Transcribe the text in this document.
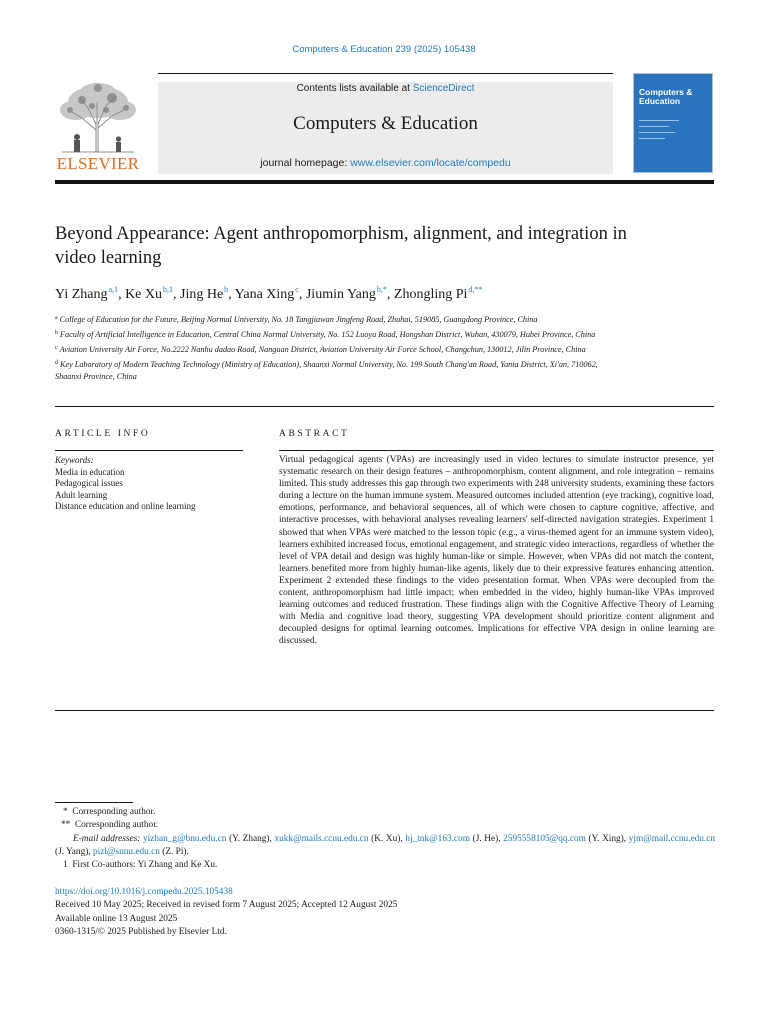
Computers & Education 239 (2025) 105438
ELSEVIER
Contents lists available at ScienceDirect
Computers & Education
journal homepage: www.elsevier.com/locate/compedu
Computers & Education
Beyond Appearance: Agent anthropomorphism, alignment, and integration in video learning
Yi Zhang$^{a,1}$, Ke Xu$^{b,1}$, Jing He$^b$, Yana Xing$^c$, Jiumin Yang$^{b,*}$, Zhongling $Pi^{d,**}$

$^a$ College of Education for the Future, Beijing Normal University, No. 18 Tangjiawan Jingfeng Road, Zhuhai, 519085, Guangdong Province, China

$^b$ Faculty of Artificial Intelligence in Education, Central China Normal University, No. 152 Luoyu Road, Hongshan District, Wuhan, 430079, Hubei Province, China

$^c$ Aviation University Air Force, No.2222 Nanhu dadao Road, Nanguan District, Aviation University Air Force School, Changchun, 130012, Jilin Province, China

$^d$ Key Laboratory of Modern Teaching Technology (Ministry of Education), Shaanxi Normal University, No. 199 South Chang'an Road, Yanta District, Xi'an, 710062, Shaanxi Province, China

ARTICLE INFO
Keywords:
Media in education
Pedagogical issues
Adult learning
Distance education and online learning
ABSTRACT
Virtual pedagogical agents (VPAs) are increasingly used in video lectures to simulate instructor presence, yet systematic research on their design features – anthropomorphism, content alignment, and role integration – remains limited. This study addresses this gap through two experiments with 248 university students, examining these factors during a lecture on the human immune system. Measured outcomes included attention (eye tracking), cognitive load, emotions, performance, and behavioral sequences, all of which were chosen to capture cognitive, affective, and interactive processes, with behavioral analyses revealing learners' self-directed navigation strategies. Experiment 1 showed that when VPAs were matched to the lesson topic (e.g., a virus-themed agent for an immune system video), learners exhibited increased focus, emotional engagement, and strategic video interactions, regardless of whether the level of VPA detail and design was highly human-like or simple. However, when VPAs did not match the content, learners benefited more from highly human-like agents, likely due to their expressive features enhancing attention. Experiment 2 extended these findings to the video presentation format. When VPAs were decoupled from the content, anthropomorphism had little impact; when embedded in the video, highly human-like VPAs improved learning outcomes and reduced frustration. These findings align with the Cognitive Affective Theory of Learning with Media and cognitive load theory, suggesting VPA development should prioritize content alignment and decoupled designs for optimal learning outcomes. Implications for effective VPA design in online learning are discussed.

* Corresponding author.

** Corresponding author.

E-mail addresses: yizhan_g@bnu.edu.cn (Y. Zhang), xukk@mails.ccnu.edu.cn (K. Xu), hj_tnk@163.com (J. He), 2595558105@qq.com (Y. Xing), yjm@mail.ccnu.edu.cn (J. Yang), pizl@snnu.edu.cn (Z. Pi).

1 First Co-authors: Yi Zhang and Ke Xu.

https://doi.org/10.1016/j.compedu.2025.105438

Received 10 May 2025; Received in revised form 7 August 2025; Accepted 12 August 2025

Available online 13 August 2025

0360-1315/© 2025 Published by Elsevier Ltd.
